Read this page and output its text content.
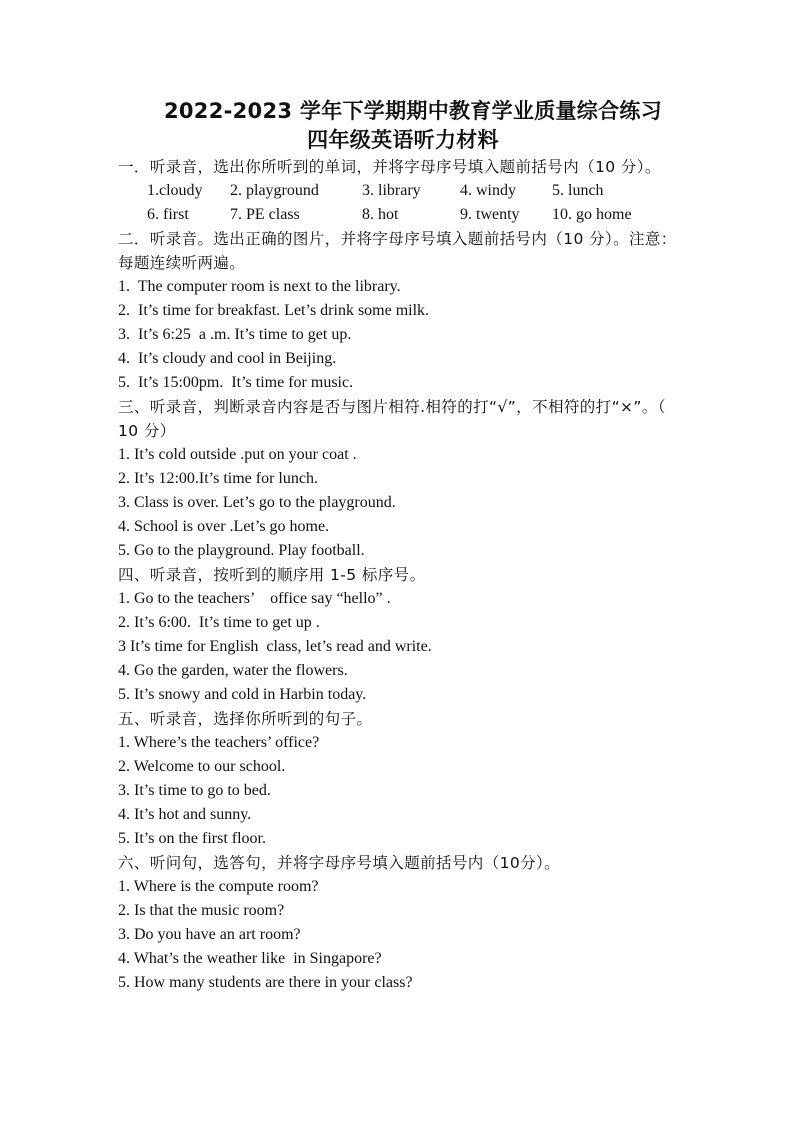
2022-2023 学年下学期期中教育学业质量综合练习

四年级英语听力材料

一．听录音，选出你所听到的单词，并将字母序号填入题前括号内（10 分）。

1.cloudy	2. playground	3. library	4. windy	5. lunch
6. first	7. PE class	8. hot	9. twenty	10. go home

二．听录音。选出正确的图片，并将字母序号填入题前括号内（10 分）。注意：每题连续听两遍。

1.  The computer room is next to the library.

2.  It’s time for breakfast. Let’s drink some milk.

3.  It’s 6:25  a .m. It’s time to get up.

4.  It’s cloudy and cool in Beijing.

5.  It’s 15:00pm.  It’s time for music.

三、听录音，判断录音内容是否与图片相符.相符的打“√”，不相符的打“×”。（ 10 分）

1. It’s cold outside .put on your coat .

2. It’s 12:00.It’s time for lunch.

3. Class is over. Let’s go to the playground.

4. School is over .Let’s go home.

5. Go to the playground. Play football.

四、听录音，按听到的顺序用 1-5 标序号。

1. Go to the teachers’    office say “hello” .

2. It’s 6:00.  It’s time to get up .

3 It’s time for English  class, let’s read and write.

4. Go the garden, water the flowers.

5. It’s snowy and cold in Harbin today.

五、听录音，选择你所听到的句子。

1. Where’s the teachers’ office?

2. Welcome to our school.

3. It’s time to go to bed.

4. It’s hot and sunny.

5. It’s on the first floor.

六、听问句，选答句，并将字母序号填入题前括号内（10分）。

1. Where is the compute room?

2. Is that the music room?

3. Do you have an art room?

4. What’s the weather like  in Singapore?

5. How many students are there in your class?
